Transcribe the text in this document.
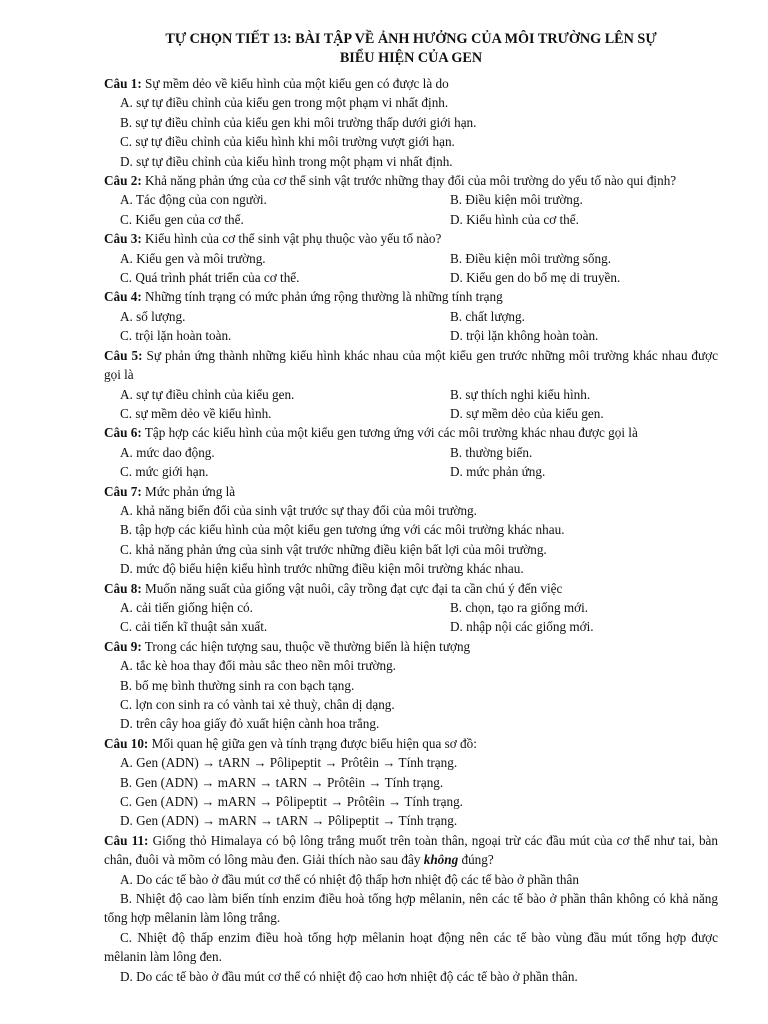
TỰ CHỌN TIẾT 13: BÀI TẬP VỀ ẢNH HƯỞNG CỦA MÔI TRƯỜNG LÊN SỰ
BIỂU HIỆN CỦA GEN

Câu 1: Sự mềm dẻo về kiểu hình của một kiểu gen có được là do

A. sự tự điều chỉnh của kiểu gen trong một phạm vi nhất định.

B. sự tự điều chỉnh của kiểu gen khi môi trường thấp dưới giới hạn.

C. sự tự điều chỉnh của kiểu hình khi môi trường vượt giới hạn.

D. sự tự điều chỉnh của kiểu hình trong một phạm vi nhất định.

Câu 2: Khả năng phản ứng của cơ thể sinh vật trước những thay đổi của môi trường do yếu tố nào qui định?

A. Tác động của con người.	B. Điều kiện môi trường.

C. Kiểu gen của cơ thể.	D. Kiểu hình của cơ thể.

Câu 3: Kiểu hình của cơ thể sinh vật phụ thuộc vào yếu tố nào?

A. Kiểu gen và môi trường.	B. Điều kiện môi trường sống.

C. Quá trình phát triển của cơ thể.	D. Kiểu gen do bố mẹ di truyền.

Câu 4: Những tính trạng có mức phản ứng rộng thường là những tính trạng

A. số lượng.	B. chất lượng.

C. trội lặn hoàn toàn.	D. trội lặn không hoàn toàn.

Câu 5: Sự phản ứng thành những kiểu hình khác nhau của một kiểu gen trước những môi trường khác nhau được gọi là

A. sự tự điều chỉnh của kiểu gen.	B. sự thích nghi kiểu hình.

C. sự mềm dẻo về kiểu hình.	D. sự mềm dẻo của kiểu gen.

Câu 6: Tập hợp các kiểu hình của một kiểu gen tương ứng với các môi trường khác nhau được gọi là

A. mức dao động.	B. thường biến.

C. mức giới hạn.	D. mức phản ứng.

Câu 7: Mức phản ứng là

A. khả năng biến đổi của sinh vật trước sự thay đổi của môi trường.

B. tập hợp các kiểu hình của một kiểu gen tương ứng với các môi trường khác nhau.

C. khả năng phản ứng của sinh vật trước những điều kiện bất lợi của môi trường.

D. mức độ biểu hiện kiểu hình trước những điều kiện môi trường khác nhau.

Câu 8: Muốn năng suất của giống vật nuôi, cây trồng đạt cực đại ta cần chú ý đến việc

A. cải tiến giống hiện có.	B. chọn, tạo ra giống mới.

C. cải tiến kĩ thuật sản xuất.	D. nhập nội các giống mới.

Câu 9: Trong các hiện tượng sau, thuộc về thường biến là hiện tượng

A. tắc kè hoa thay đổi màu sắc theo nền môi trường.

B. bố mẹ bình thường sinh ra con bạch tạng.

C. lợn con sinh ra có vành tai xẻ thuỳ, chân dị dạng.

D. trên cây hoa giấy đỏ xuất hiện cành hoa trắng.

Câu 10: Mối quan hệ giữa gen và tính trạng được biểu hiện qua sơ đồ:

A. Gen (ADN) → tARN → Pôlipeptit → Prôtêin → Tính trạng.

B. Gen (ADN) → mARN → tARN → Prôtêin → Tính trạng.

C. Gen (ADN) → mARN → Pôlipeptit → Prôtêin → Tính trạng.

D. Gen (ADN) → mARN → tARN → Pôlipeptit → Tính trạng.

Câu 11: Giống thỏ Himalaya có bộ lông trắng muốt trên toàn thân, ngoại trừ các đầu mút của cơ thể như tai, bàn chân, đuôi và mõm có lông màu đen. Giải thích nào sau đây không đúng?

A. Do các tế bào ở đầu mút cơ thể có nhiệt độ thấp hơn nhiệt độ các tế bào ở phần thân

B. Nhiệt độ cao làm biến tính enzim điều hoà tổng hợp mêlanin, nên các tế bào ở phần thân không có khả năng tổng hợp mêlanin làm lông trắng.

C. Nhiệt độ thấp enzim điều hoà tổng hợp mêlanin hoạt động nên các tế bào vùng đầu mút tổng hợp được mêlanin làm lông đen.

D. Do các tế bào ở đầu mút cơ thể có nhiệt độ cao hơn nhiệt độ các tế bào ở phần thân.
